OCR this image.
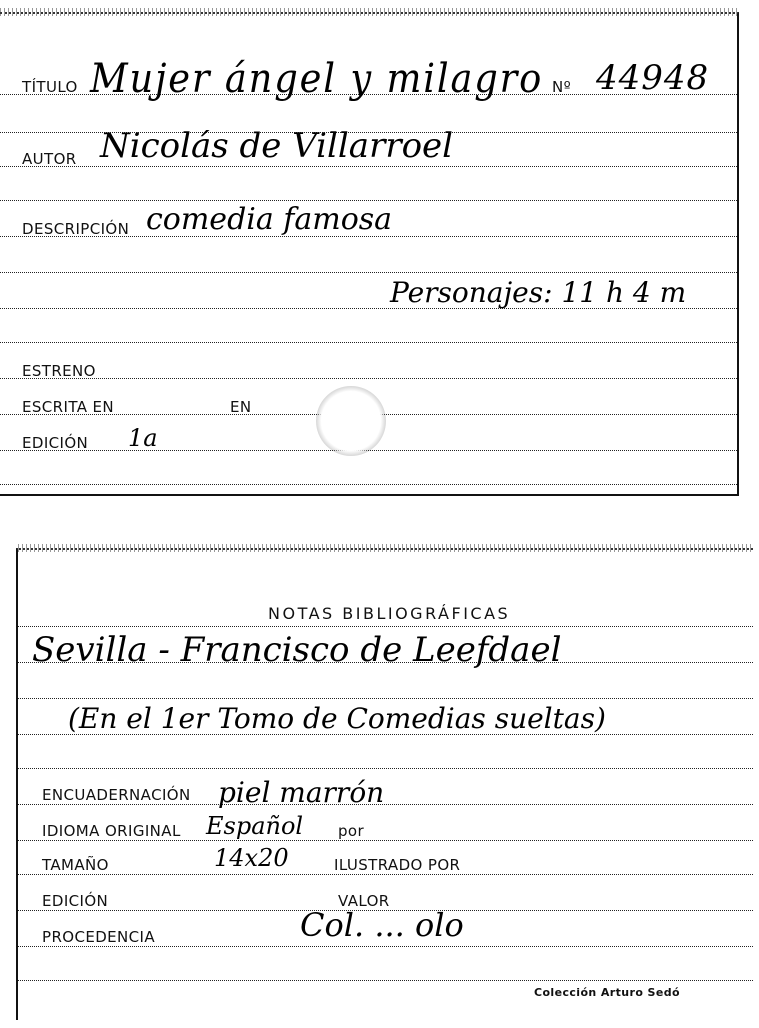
TÍTULO Mujer ángel y milagro Nº 44948
AUTOR Nicolás de Villarroel
DESCRIPCIÓN comedia famosa
Personajes: 11 h 4 m
ESTRENO
ESCRITA EN	EN
EDICIÓN 1a
NOTAS BIBLIOGRÁFICAS
Sevilla - Francisco de Leefdael
(En el 1er Tomo de Comedias sueltas)
ENCUADERNACIÓN piel marrón
IDIOMA ORIGINAL Español por
TAMAÑO	14x20	ILUSTRADO POR
EDICIÓN	VALOR
PROCEDENCIA	Col. ... olo
Colección Arturo Sedó
